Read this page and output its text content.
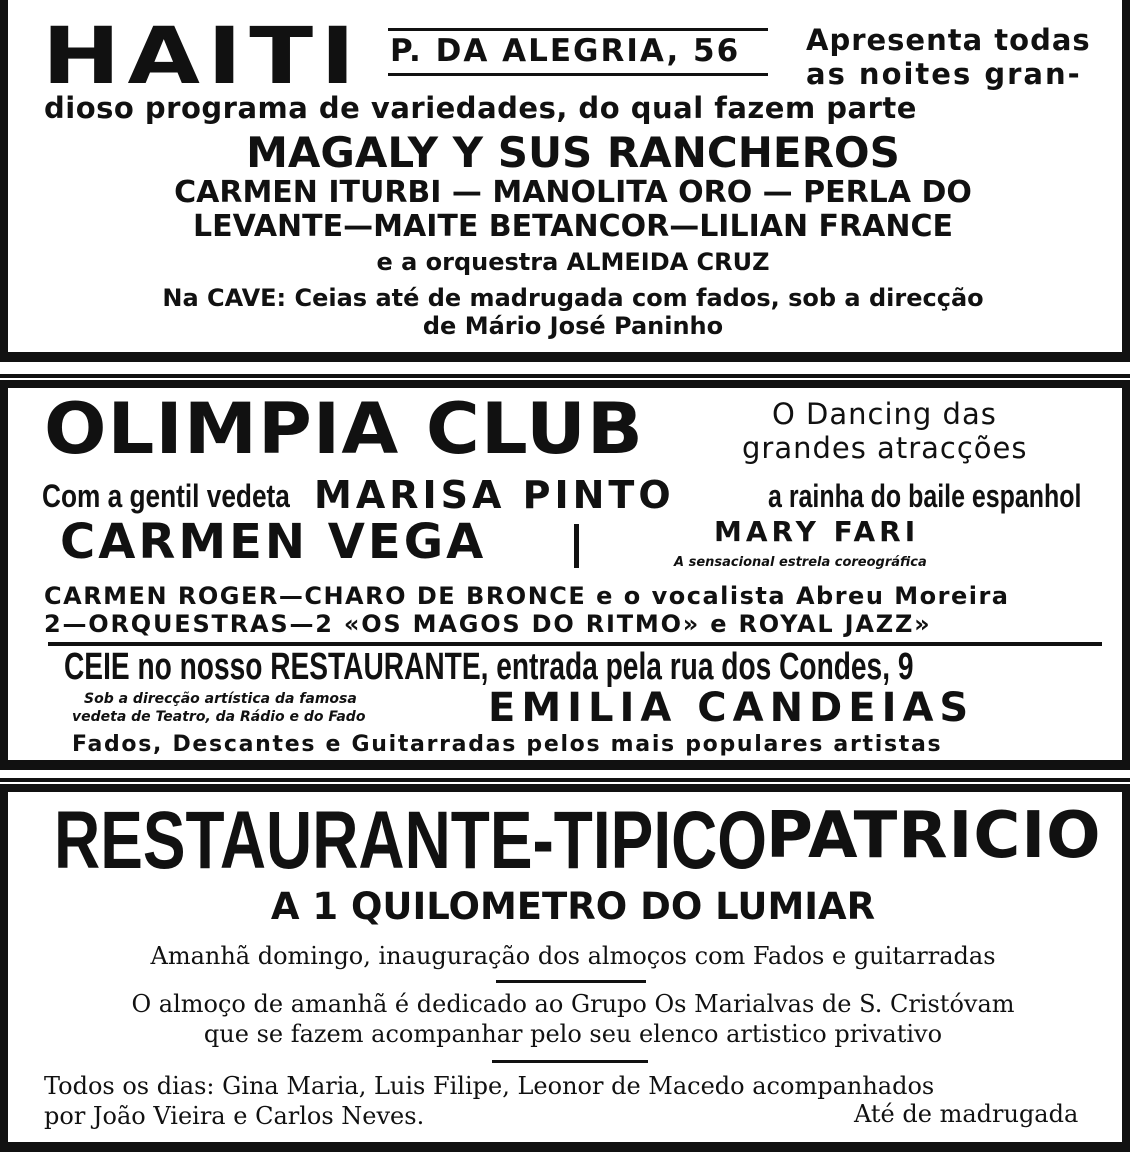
HAITI P. DA ALEGRIA, 56 Apresenta todas
as noites gran-
dioso programa de variedades, do qual fazem parte
MAGALY Y SUS RANCHEROS
CARMEN ITURBI — MANOLITA ORO — PERLA DO
LEVANTE—MAITE BETANCOR—LILIAN FRANCE
e a orquestra ALMEIDA CRUZ
Na CAVE: Ceias até de madrugada com fados, sob a direcção
de Mário José Paninho
OLIMPIA CLUB	O Dancing das
grandes atracções
Com a gentil vedeta MARISA PINTO	a rainha do baile espanhol
CARMEN VEGA	MARY FARI
A sensacional estrela coreográfica
CARMEN ROGER—CHARO DE BRONCE e o vocalista Abreu Moreira
2—ORQUESTRAS—2 «OS MAGOS DO RITMO» e ROYAL JAZZ»
CEIE no nosso RESTAURANTE, entrada pela rua dos Condes, 9
Sob a direcção artística da famosa
vedeta de Teatro, da Rádio e do Fado	EMILIA CANDEIAS
Fados, Descantes e Guitarradas pelos mais populares artistas
RESTAURANTE-TIPICO
PATRICIO
A 1 QUILOMETRO DO LUMIAR
Amanhã domingo, inauguração dos almoços com Fados e guitarradas
O almoço de amanhã é dedicado ao Grupo Os Marialvas de S. Cristóvam
que se fazem acompanhar pelo seu elenco artistico privativo
Todos os dias: Gina Maria, Luis Filipe, Leonor de Macedo acompanhados
por João Vieira e Carlos Neves.	Até de madrugada
